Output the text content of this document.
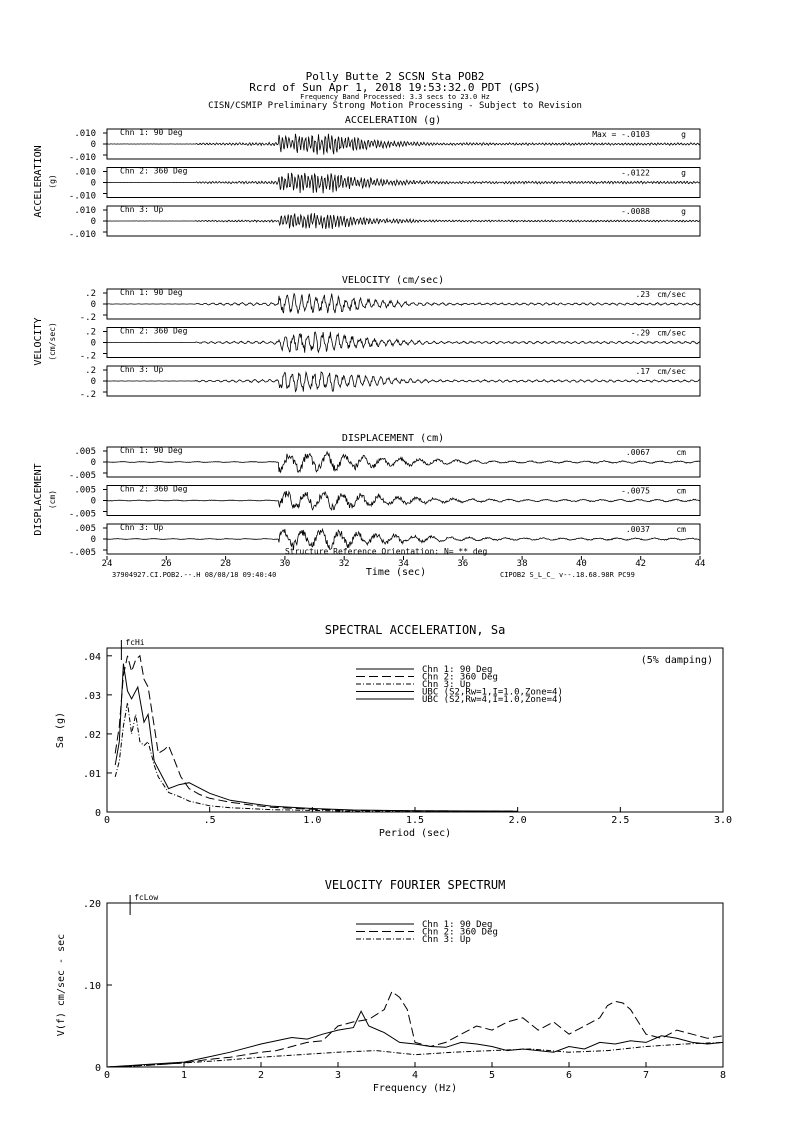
Polly Butte 2 SCSN Sta POB2
Rcrd of Sun Apr 1, 2018 19:53:32.0 PDT (GPS)
Frequency Band Processed: 3.3 secs to 23.0 Hz
CISN/CSMIP Preliminary Strong Motion Processing - Subject to Revision
ACCELERATION (g)
ACCELERATION (g)
.010
0
-.010
Chn 1: 90 Deg	Max = -.0103	g
.010
0
-.010
Chn 2: 360 Deg	-.0122	g
.010
0
-.010
Chn 3: Up	-.0088	g
VELOCITY (cm/sec)
VELOCITY (cm/sec)
.2
0
-.2
Chn 1: 90 Deg	.23 cm/sec
.2
0
-.2
Chn 2: 360 Deg	-.29 cm/sec
.2
0
-.2
Chn 3: Up	.17 cm/sec
DISPLACEMENT (cm)
DISPLACEMENT (cm)
.005
0
-.005
Chn 1: 90 Deg	.0067	cm
.005
0
-.005
Chn 2: 360 Deg	-.0075	cm
.005
0
-.005
Chn 3: Up	.0037	cm
24	26	28	30	32	34	36	38	40	42	44
Time (sec)
Structure Reference Orientation: N= ** deg
37904927.CI.POB2.--.H 08/08/18 09:40:40	CIPOB2 S_L_C_ v--.18.68.98R PC99
SPECTRAL ACCELERATION, Sa
0	.5	1.0	1.5	2.0	2.5	3.0
0
.01
.02
.03
.04
Period (sec)
Sa (g)
(5% damping)
fcHi
Chn 1: 90 Deg
Chn 2: 360 Deg
Chn 3: Up
UBC (S2,Rw=1,I=1.0,Zone=4)
UBC (S2,Rw=4,I=1.0,Zone=4)
VELOCITY FOURIER SPECTRUM
0	1	2	3	4	5	6	7	8
0
.10
.20
Frequency (Hz)
V(f) cm/sec - sec
fcLow
Chn 1: 90 Deg
Chn 2: 360 Deg
Chn 3: Up
